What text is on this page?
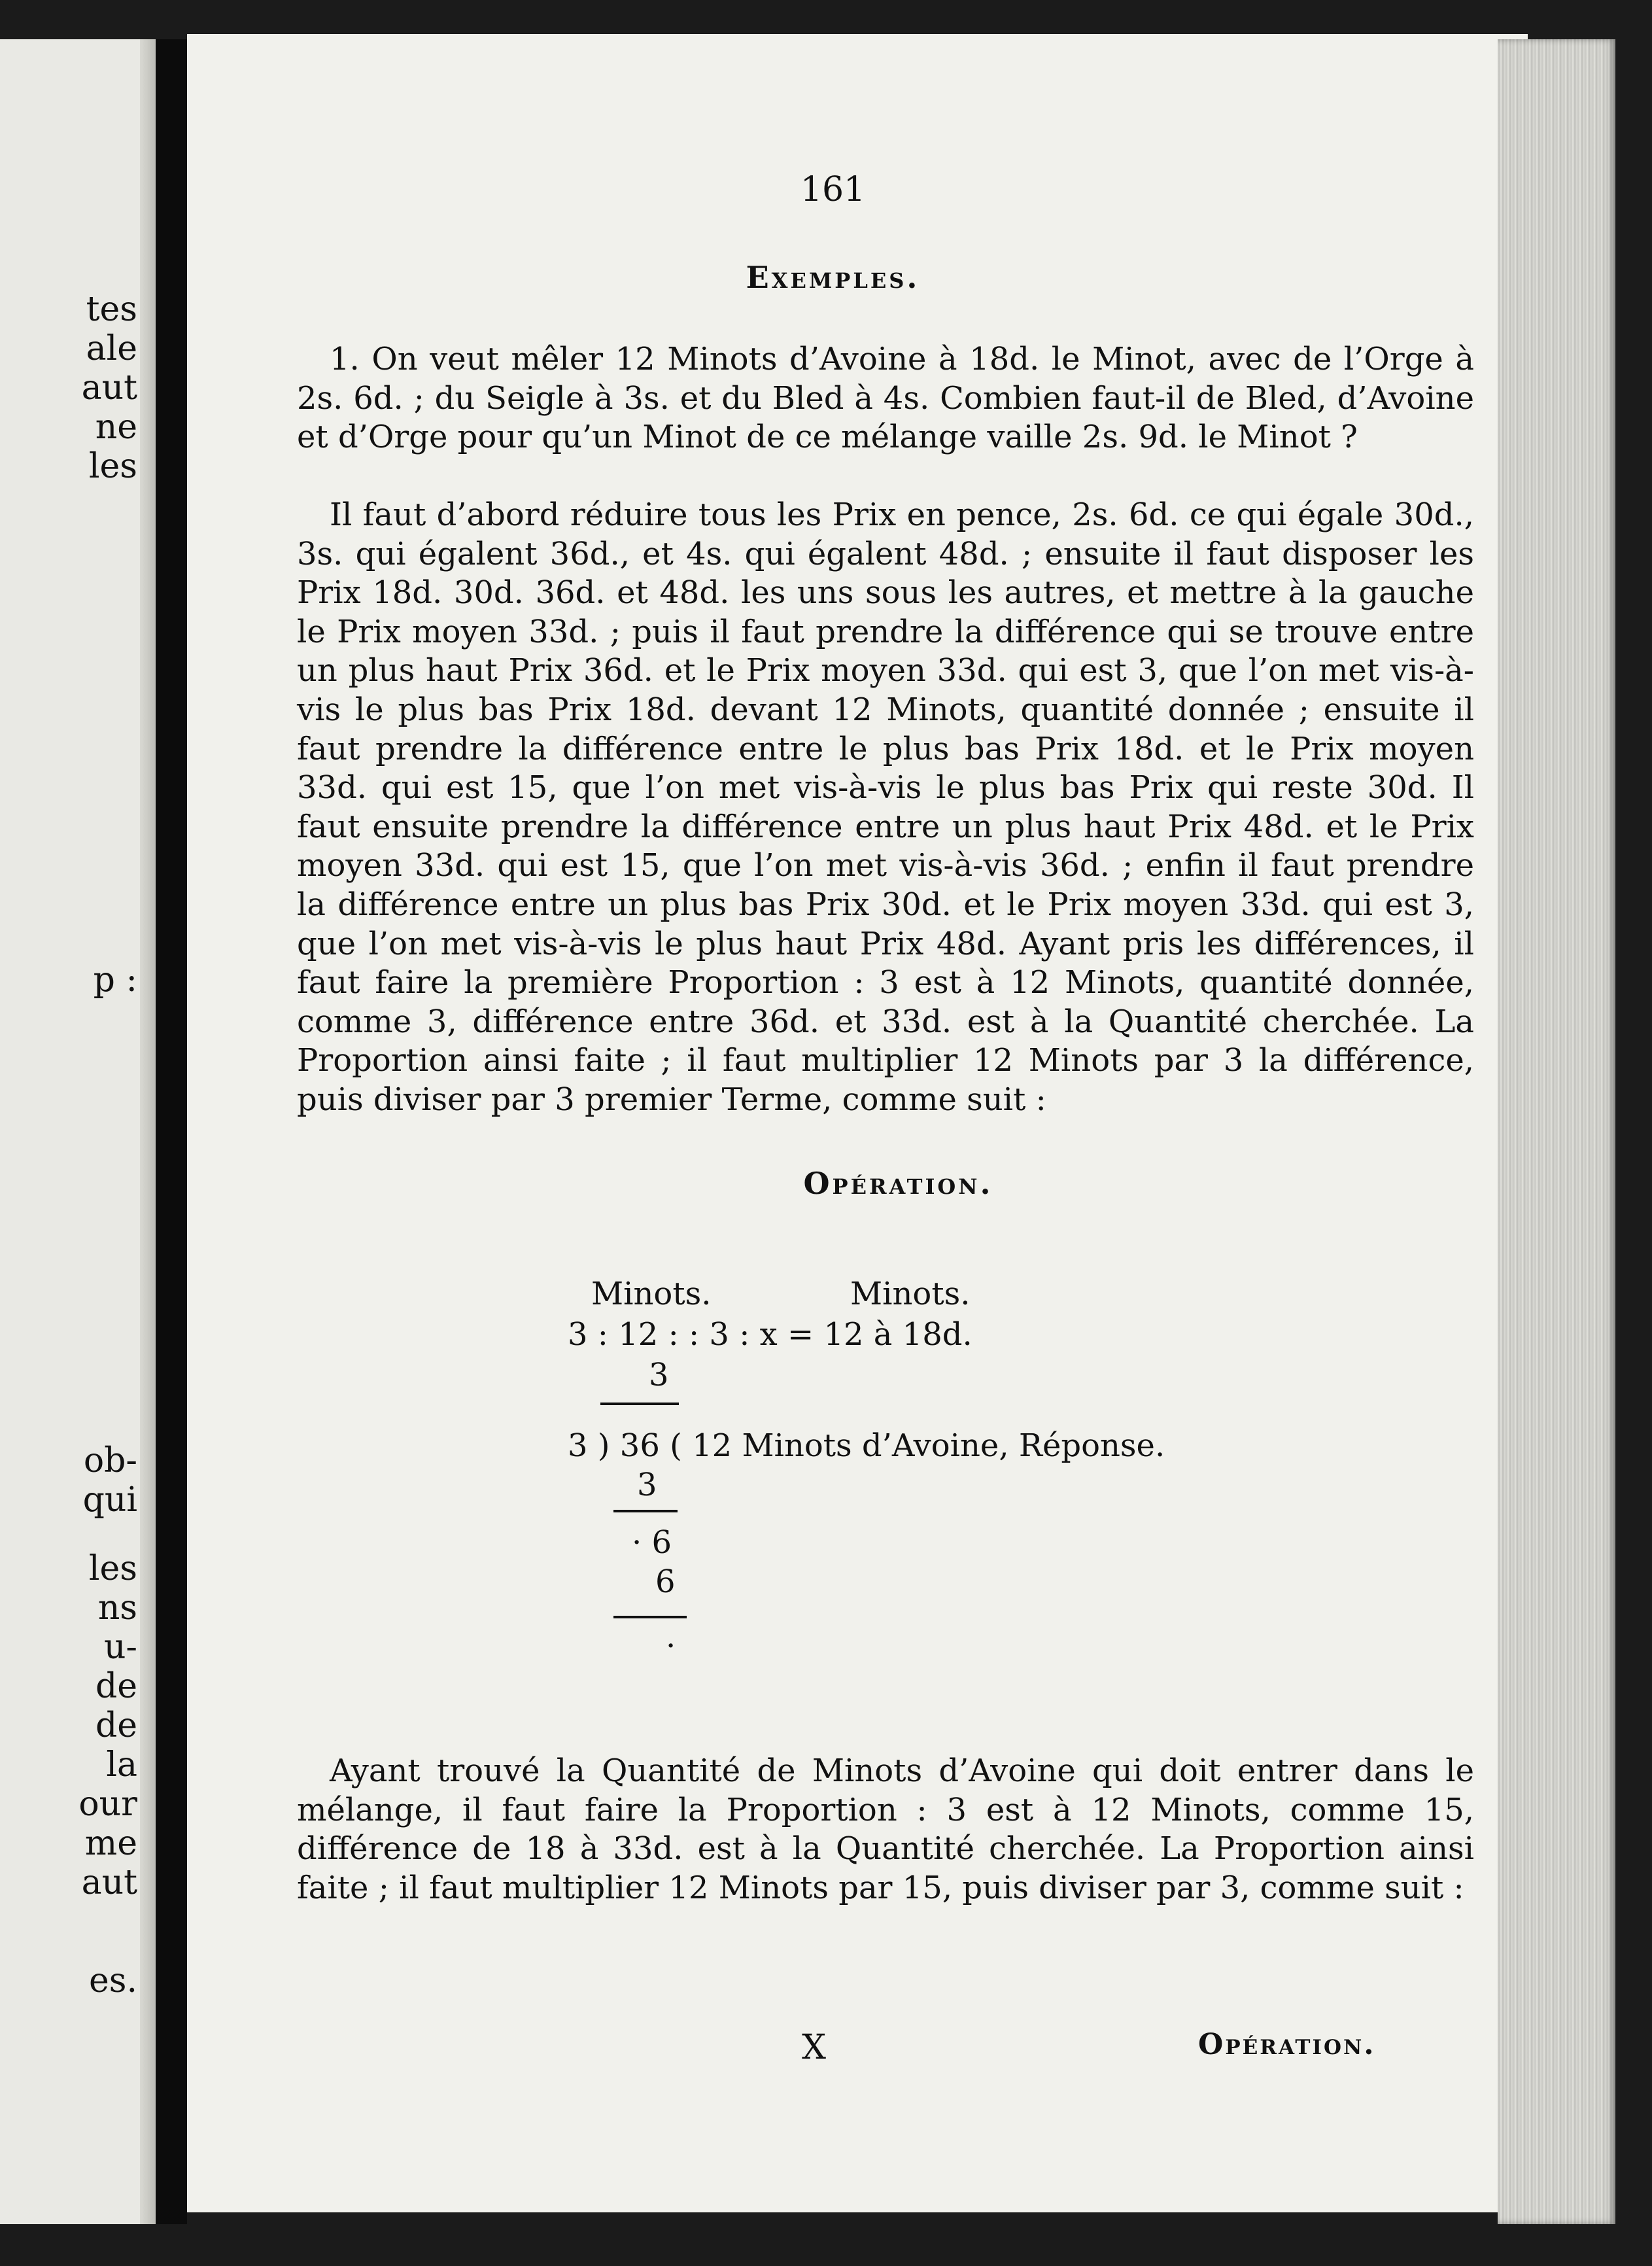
tes
ale
aut
ne
les
p :
ob-
qui
les
ns
u-
de
de
la
our
me
aut
es.
161
Exemples.

1. On veut mêler 12 Minots d’Avoine à 18d. le Minot, avec de l’Orge à 2s. 6d. ; du Seigle à 3s. et du Bled à 4s. Combien faut-il de Bled, d’Avoine et d’Orge pour qu’un Minot de ce mélange vaille 2s. 9d. le Minot ?

Il faut d’abord réduire tous les Prix en pence, 2s. 6d. ce qui égale 30d., 3s. qui égalent 36d., et 4s. qui égalent 48d. ; ensuite il faut disposer les Prix 18d. 30d. 36d. et 48d. les uns sous les autres, et mettre à la gauche le Prix moyen 33d. ; puis il faut prendre la différence qui se trouve entre un plus haut Prix 36d. et le Prix moyen 33d. qui est 3, que l’on met vis-à-vis le plus bas Prix 18d. devant 12 Minots, quantité donnée ; ensuite il faut prendre la différence entre le plus bas Prix 18d. et le Prix moyen 33d. qui est 15, que l’on met vis-à-vis le plus bas Prix qui reste 30d. Il faut ensuite prendre la différence entre un plus haut Prix 48d. et le Prix moyen 33d. qui est 15, que l’on met vis-à-vis 36d. ; enfin il faut prendre la différence entre un plus bas Prix 30d. et le Prix moyen 33d. qui est 3, que l’on met vis-à-vis le plus haut Prix 48d. Ayant pris les différences, il faut faire la première Proportion : 3 est à 12 Minots, quantité donnée, comme 3, différence entre 36d. et 33d. est à la Quantité cherchée. La Proportion ainsi faite ; il faut multiplier 12 Minots par 3 la différence, puis diviser par 3 premier Terme, comme suit :

Opération.
Minots.	Minots.
3 : 12 : : 3 : x = 12 à 18d.
3
3 ) 36 ( 12 Minots d’Avoine, Réponse.
3
· 6
6
·

Ayant trouvé la Quantité de Minots d’Avoine qui doit entrer dans le mélange, il faut faire la Proportion : 3 est à 12 Minots, comme 15, différence de 18 à 33d. est à la Quantité cherchée. La Proportion ainsi faite ; il faut multiplier 12 Minots par 15, puis diviser par 3, comme suit :

X	Opération.
